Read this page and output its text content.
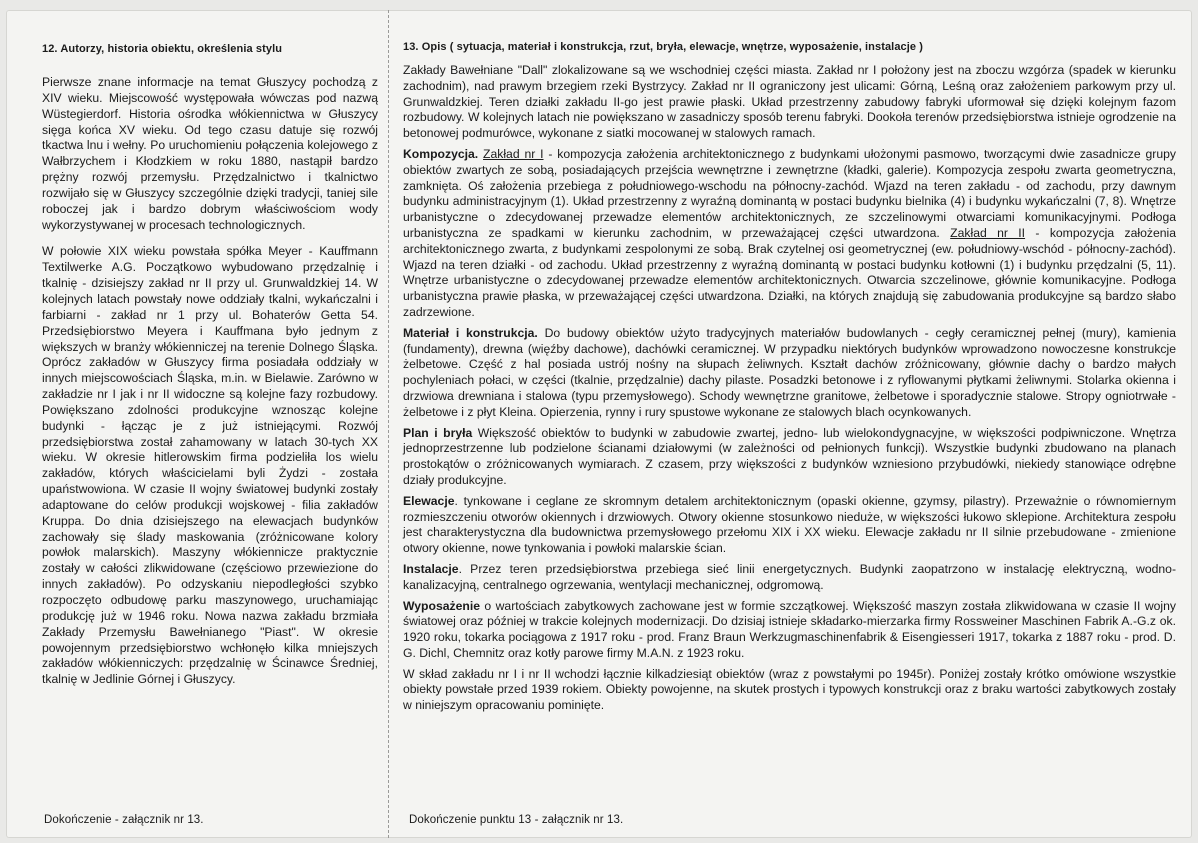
12. Autorzy, historia obiektu, określenia stylu

Pierwsze znane informacje na temat Głuszycy pochodzą z XIV wieku. Miejscowość występowała wówczas pod nazwą Wüstegierdorf. Historia ośrodka włókiennictwa w Głuszycy sięga końca XV wieku. Od tego czasu datuje się rozwój tkactwa lnu i wełny. Po uruchomieniu połączenia kolejowego z Wałbrzychem i Kłodzkiem w roku 1880, nastąpił bardzo prężny rozwój przemysłu. Przędzalnictwo i tkalnictwo rozwijało się w Głuszycy szczególnie dzięki tradycji, taniej sile roboczej jak i bardzo dobrym właściwościom wody wykorzystywanej w procesach technologicznych.

W połowie XIX wieku powstała spółka Meyer - Kauffmann Textilwerke A.G. Początkowo wybudowano przędzalnię i tkalnię - dzisiejszy zakład nr II przy ul. Grunwaldzkiej 14. W kolejnych latach powstały nowe oddziały tkalni, wykańczalni i farbiarni - zakład nr 1 przy ul. Bohaterów Getta 54. Przedsiębiorstwo Meyera i Kauffmana było jednym z większych w branży włókienniczej na terenie Dolnego Śląska. Oprócz zakładów w Głuszycy firma posiadała oddziały w innych miejscowościach Śląska, m.in. w Bielawie. Zarówno w zakładzie nr I jak i nr II widoczne są kolejne fazy rozbudowy. Powiększano zdolności produkcyjne wznosząc kolejne budynki - łącząc je z już istniejącymi. Rozwój przedsiębiorstwa został zahamowany w latach 30-tych XX wieku. W okresie hitlerowskim firma podzieliła los wielu zakładów, których właścicielami byli Żydzi - została upaństwowiona. W czasie II wojny światowej budynki zostały adaptowane do celów produkcji wojskowej - filia zakładów Kruppa. Do dnia dzisiejszego na elewacjach budynków zachowały się ślady maskowania (zróżnicowane kolory powłok malarskich). Maszyny włókiennicze praktycznie zostały w całości zlikwidowane (częściowo przewiezione do innych zakładów). Po odzyskaniu niepodległości szybko rozpoczęto odbudowę parku maszynowego, uruchamiając produkcję już w 1946 roku. Nowa nazwa zakładu brzmiała Zakłady Przemysłu Bawełnianego "Piast". W okresie powojennym przedsiębiorstwo wchłonęło kilka mniejszych zakładów włókienniczych: przędzalnię w Ścinawce Średniej, tkalnię w Jedlinie Górnej i Głuszycy.

Dokończenie - załącznik nr 13.
13. Opis ( sytuacja, materiał i konstrukcja, rzut, bryła, elewacje, wnętrze, wyposażenie, instalacje )

Zakłady Bawełniane "Dall" zlokalizowane są we wschodniej części miasta. Zakład nr I położony jest na zboczu wzgórza (spadek w kierunku zachodnim), nad prawym brzegiem rzeki Bystrzycy. Zakład nr II ograniczony jest ulicami: Górną, Leśną oraz założeniem parkowym przy ul. Grunwaldzkiej. Teren działki zakładu II-go jest prawie płaski. Układ przestrzenny zabudowy fabryki uformował się dzięki kolejnym fazom rozbudowy. W kolejnych latach nie powiększano w zasadniczy sposób terenu fabryki. Dookoła terenów przedsiębiorstwa istnieje ogrodzenie na betonowej podmurówce, wykonane z siatki mocowanej w stalowych ramach.

Kompozycja. Zakład nr I - kompozycja założenia architektonicznego z budynkami ułożonymi pasmowo, tworzącymi dwie zasadnicze grupy obiektów zwartych ze sobą, posiadających przejścia wewnętrzne i zewnętrzne (kładki, galerie). Kompozycja zespołu zwarta geometryczna, zamknięta. Oś założenia przebiega z południowego-wschodu na północny-zachód. Wjazd na teren zakładu - od zachodu, przy dawnym budynku administracyjnym (1). Układ przestrzenny z wyraźną dominantą w postaci budynku bielnika (4) i budynku wykańczalni (7, 8). Wnętrze urbanistyczne o zdecydowanej przewadze elementów architektonicznych, ze szczelinowymi otwarciami komunikacyjnymi. Podłoga urbanistyczna ze spadkami w kierunku zachodnim, w przeważającej części utwardzona. Zakład nr II - kompozycja założenia architektonicznego zwarta, z budynkami zespolonymi ze sobą. Brak czytelnej osi geometrycznej (ew. południowy-wschód - północny-zachód). Wjazd na teren działki - od zachodu. Układ przestrzenny z wyraźną dominantą w postaci budynku kotłowni (1) i budynku przędzalni (5, 11). Wnętrze urbanistyczne o zdecydowanej przewadze elementów architektonicznych. Otwarcia szczelinowe, głównie komunikacyjne. Podłoga urbanistyczna prawie płaska, w przeważającej części utwardzona. Działki, na których znajdują się zabudowania produkcyjne są bardzo słabo zadrzewione.

Materiał i konstrukcja. Do budowy obiektów użyto tradycyjnych materiałów budowlanych - cegły ceramicznej pełnej (mury), kamienia (fundamenty), drewna (więźby dachowe), dachówki ceramicznej. W przypadku niektórych budynków wprowadzono nowoczesne konstrukcje żelbetowe. Część z hal posiada ustrój nośny na słupach żeliwnych. Kształt dachów zróżnicowany, głównie dachy o bardzo małych pochyleniach połaci, w części (tkalnie, przędzalnie) dachy pilaste. Posadzki betonowe i z ryflowanymi płytkami żeliwnymi. Stolarka okienna i drzwiowa drewniana i stalowa (typu przemysłowego). Schody wewnętrzne granitowe, żelbetowe i sporadycznie stalowe. Stropy ogniotrwałe - żelbetowe i z płyt Kleina. Opierzenia, rynny i rury spustowe wykonane ze stalowych blach ocynkowanych.

Plan i bryła Większość obiektów to budynki w zabudowie zwartej, jedno- lub wielokondygnacyjne, w większości podpiwniczone. Wnętrza jednoprzestrzenne lub podzielone ścianami działowymi (w zależności od pełnionych funkcji). Wszystkie budynki zbudowano na planach prostokątów o zróżnicowanych wymiarach. Z czasem, przy większości z budynków wzniesiono przybudówki, niekiedy stanowiące odrębne działy produkcyjne.

Elewacje. tynkowane i ceglane ze skromnym detalem architektonicznym (opaski okienne, gzymsy, pilastry). Przeważnie o równomiernym rozmieszczeniu otworów okiennych i drzwiowych. Otwory okienne stosunkowo nieduże, w większości łukowo sklepione. Architektura zespołu jest charakterystyczna dla budownictwa przemysłowego przełomu XIX i XX wieku. Elewacje zakładu nr II silnie przebudowane - zmienione otwory okienne, nowe tynkowania i powłoki malarskie ścian.

Instalacje. Przez teren przedsiębiorstwa przebiega sieć linii energetycznych. Budynki zaopatrzono w instalację elektryczną, wodno-kanalizacyjną, centralnego ogrzewania, wentylacji mechanicznej, odgromową.

Wyposażenie o wartościach zabytkowych zachowane jest w formie szczątkowej. Większość maszyn została zlikwidowana w czasie II wojny światowej oraz później w trakcie kolejnych modernizacji. Do dzisiaj istnieje składarko-mierzarka firmy Rossweiner Maschinen Fabrik A.-G.z ok. 1920 roku, tokarka pociągowa z 1917 roku - prod. Franz Braun Werkzugmaschinenfabrik & Eisengiesseri 1917, tokarka z 1887 roku - prod. D. G. Dichl, Chemnitz oraz kotły parowe firmy M.A.N. z 1923 roku.

W skład zakładu nr I i nr II wchodzi łącznie kilkadziesiąt obiektów (wraz z powstałymi po 1945r). Poniżej zostały krótko omówione wszystkie obiekty powstałe przed 1939 rokiem. Obiekty powojenne, na skutek prostych i typowych konstrukcji oraz z braku wartości zabytkowych zostały w niniejszym opracowaniu pominięte.

Dokończenie punktu 13 - załącznik nr 13.
